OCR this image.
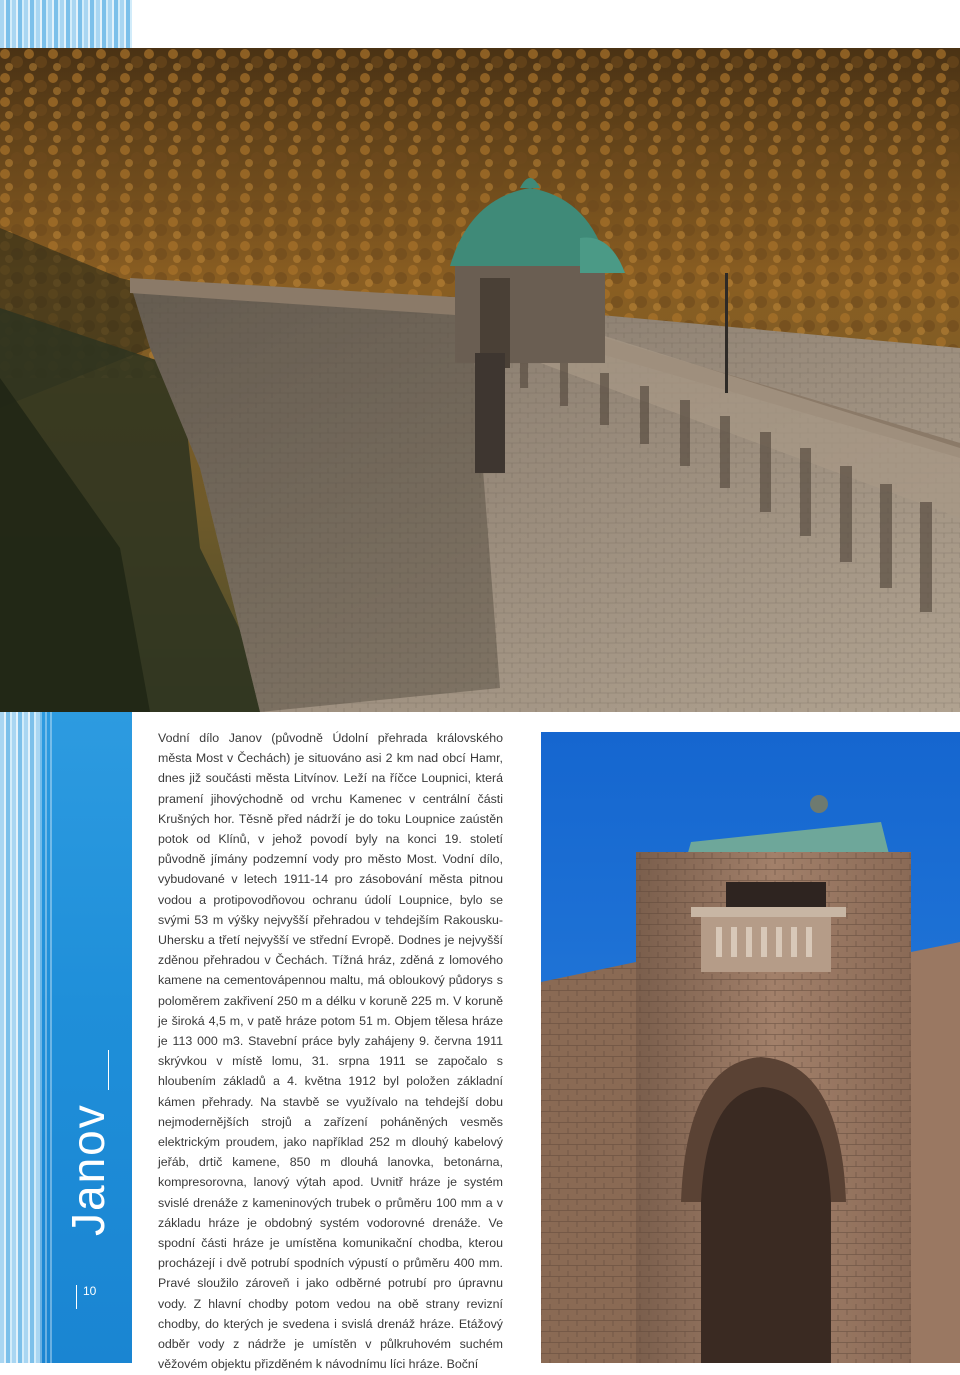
Janov
10

Vodní dílo Janov (původně Údolní přehrada královského města Most v Čechách) je situováno asi 2 km nad obcí Hamr, dnes již součásti města Litvínov. Leží na říčce Loupnici, která pramení jihovýchodně od vrchu Kamenec v centrální části Krušných hor. Těsně před nádrží je do toku Loupnice zaústěn potok od Klínů, v jehož povodí byly na konci 19. století původně jímány podzemní vody pro město Most. Vodní dílo, vybudované v letech 1911-14 pro zásobování města pitnou vodou a protipovodňovou ochranu údolí Loupnice, bylo se svými 53 m výšky nejvyšší přehradou v tehdejším Rakousku-Uhersku a třetí nejvyšší ve střední Evropě. Dodnes je nejvyšší zděnou přehradou v Čechách. Tížná hráz, zděná z lomového kamene na cementovápennou maltu, má obloukový půdorys s poloměrem zakřivení 250 m a délku v koruně 225 m. V koruně je široká 4,5 m, v patě hráze potom 51 m. Objem tělesa hráze je 113 000 m3. Stavební práce byly zahájeny 9. června 1911 skrývkou v místě lomu, 31. srpna 1911 se započalo s hloubením základů a 4. května 1912 byl položen základní kámen přehrady. Na stavbě se využívalo na tehdejší dobu nejmodernějších strojů a zařízení poháněných vesměs elektrickým proudem, jako například 252 m dlouhý kabelový jeřáb, drtič kamene, 850 m dlouhá lanovka, betonárna, kompresorovna, lanový výtah apod. Uvnitř hráze je systém svislé drenáže z kameninových trubek o průměru 100 mm a v základu hráze je obdobný systém vodorovné drenáže. Ve spodní části hráze je umístěna komunikační chodba, kterou procházejí i dvě potrubí spodních výpustí o průměru 400 mm. Pravé sloužilo zároveň i jako odběrné potrubí pro úpravnu vody. Z hlavní chodby potom vedou na obě strany revizní chodby, do kterých je svedena i svislá drenáž hráze. Etážový odběr vody z nádrže je umístěn v půlkruhovém suchém věžovém objektu přizděném k návodnímu líci hráze. Boční
